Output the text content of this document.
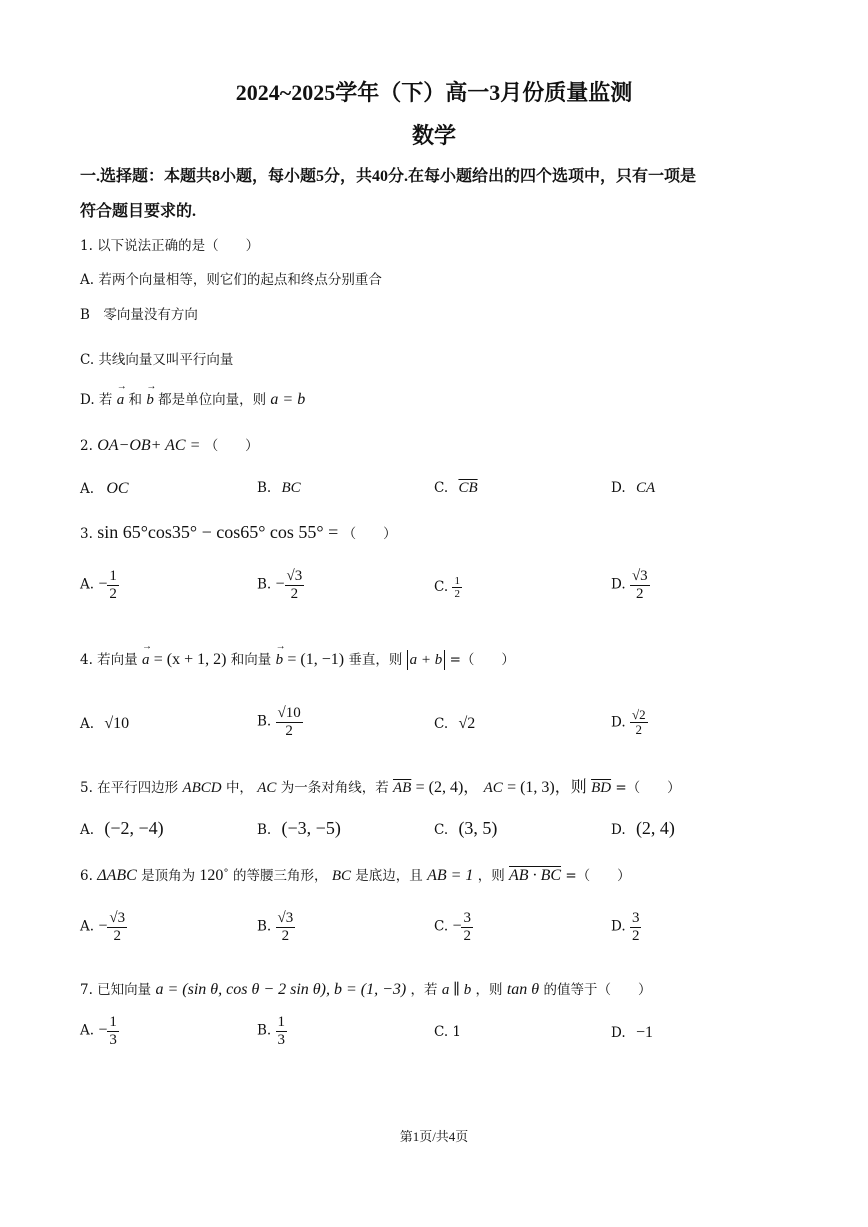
2024~2025学年（下）高一3月份质量监测
数学
一.选择题：本题共8小题，每小题5分，共40分.在每小题给出的四个选项中，只有一项是
符合题目要求的.
1. 以下说法正确的是（　　）
A. 若两个向量相等，则它们的起点和终点分别重合
B　零向量没有方向
C. 共线向量又叫平行向量
D. 若 → a 和 → b 都是单位向量，则 a = b
2. OA−OB+ AC = （　　）
A. OC	B. BC	C. $\overline{CB}$	D. CA
3. sin 65°cos35° − cos65° cos 55° = （　　）
A. − $\frac{1}{2}$	B. − $\frac{√3}{2}$	C. $\frac{1}{2}$	D. $\frac{√3}{2}$
4. 若向量 → a = (x + 1, 2) 和向量 → b = (1, −1) 垂直，则 a + b =（　　）
A. √10	B. $\frac{√10}{2}$	C. √2	D. $\frac{√2}{2}$
5. 在平行四边形 ABCD 中， AC 为一条对角线，若 $\overline{AB} = (2$, 4)， AC = (1, 3)，则 $\overline{BD}$ =（　　）
A. (−2, −4)	B. (−3, −5)	C. (3, 5)	D. (2, 4)
6. ΔABC 是顶角为 120˚ 的等腰三角形， BC 是底边，且 AB = 1 ，则 AB · BC =（　　）
A. − $\frac{√3}{2}$	B. $\frac{√3}{2}$	C. − $\frac{3}{2}$	D. $\frac{3}{2}$
7. 已知向量 a = (sin θ, cos θ − 2 sin θ), b = (1, −3) ，若 a ∥ b ，则 tan θ 的值等于（　　）
A. − $\frac{1}{3}$	B. $\frac{1}{3}$	C. 1	D. −1
第1页/共4页
